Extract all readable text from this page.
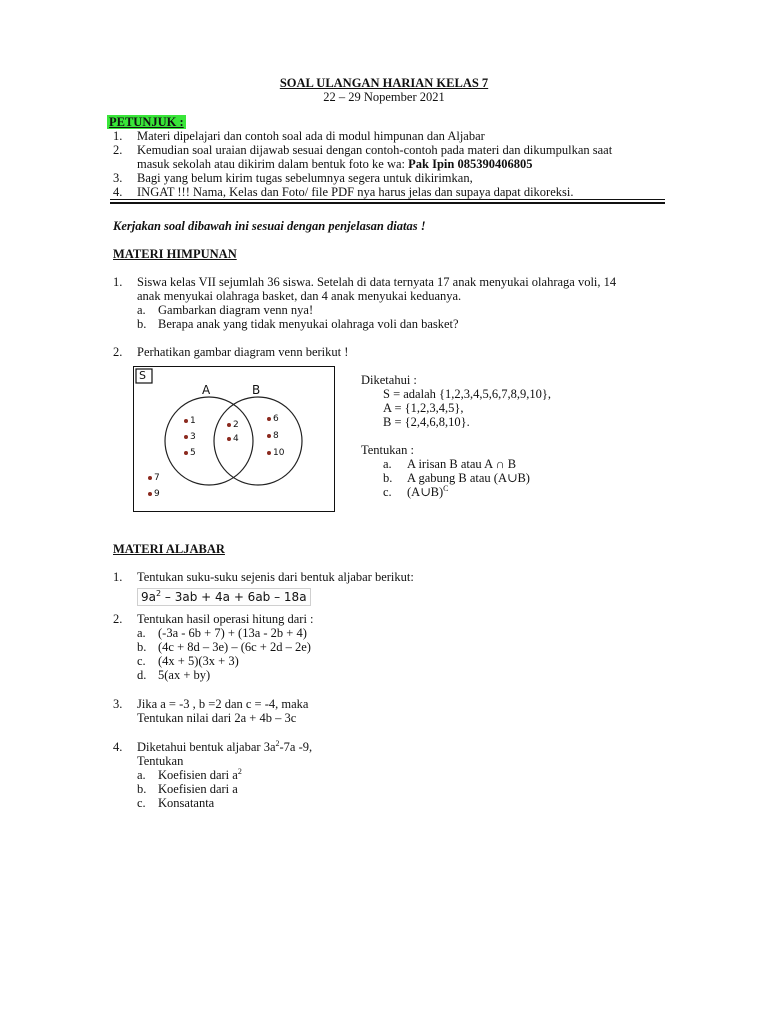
SOAL ULANGAN HARIAN KELAS 7
22 – 29 Nopember 2021
PETUNJUK :
1. Materi dipelajari dan contoh soal ada di modul himpunan dan Aljabar
2. Kemudian soal uraian dijawab sesuai dengan contoh-contoh pada materi dan dikumpulkan saat
masuk sekolah atau dikirim dalam bentuk foto ke wa: Pak Ipin 085390406805
3. Bagi yang belum kirim tugas sebelumnya segera untuk dikirimkan,
4. INGAT !!! Nama, Kelas dan Foto/ file PDF nya harus jelas dan supaya dapat dikoreksi.
Kerjakan soal dibawah ini sesuai dengan penjelasan diatas !
MATERI HIMPUNAN
1. Siswa kelas VII sejumlah 36 siswa. Setelah di data ternyata 17 anak menyukai olahraga voli, 14
anak menyukai olahraga basket, dan 4 anak menyukai keduanya.
a. Gambarkan diagram venn nya!
b. Berapa anak yang tidak menyukai olahraga voli dan basket?
2. Perhatikan gambar diagram venn berikut !
S
A	B
1
3
5
2
4
6
8
10
7
9
Diketahui :
S = adalah {1,2,3,4,5,6,7,8,9,10},
A = {1,2,3,4,5},
B = {2,4,6,8,10}.
Tentukan :
a. A irisan B atau A ∩ B
b. A gabung B atau (A∪B)
c. (A∪B)$^C$
MATERI ALJABAR
1. Tentukan suku-suku sejenis dari bentuk aljabar berikut:
$9a^2 - 3ab + 4a + 6ab - 18a$
2. Tentukan hasil operasi hitung dari :
a. (-3a - 6b + 7) + (13a - 2b + 4)
b. (4c + 8d – 3e) – (6c + 2d – 2e)
c. (4x + 5)(3x + 3)
d. 5(ax + by)
3. Jika a = -3 , b =2 dan c = -4, maka
Tentukan nilai dari 2a + 4b – 3c
4. Diketahui bentuk aljabar $3a^2-7a$ -9,
Tentukan
a. Koefisien dari $a^2$
b. Koefisien dari a
c. Konsatanta
